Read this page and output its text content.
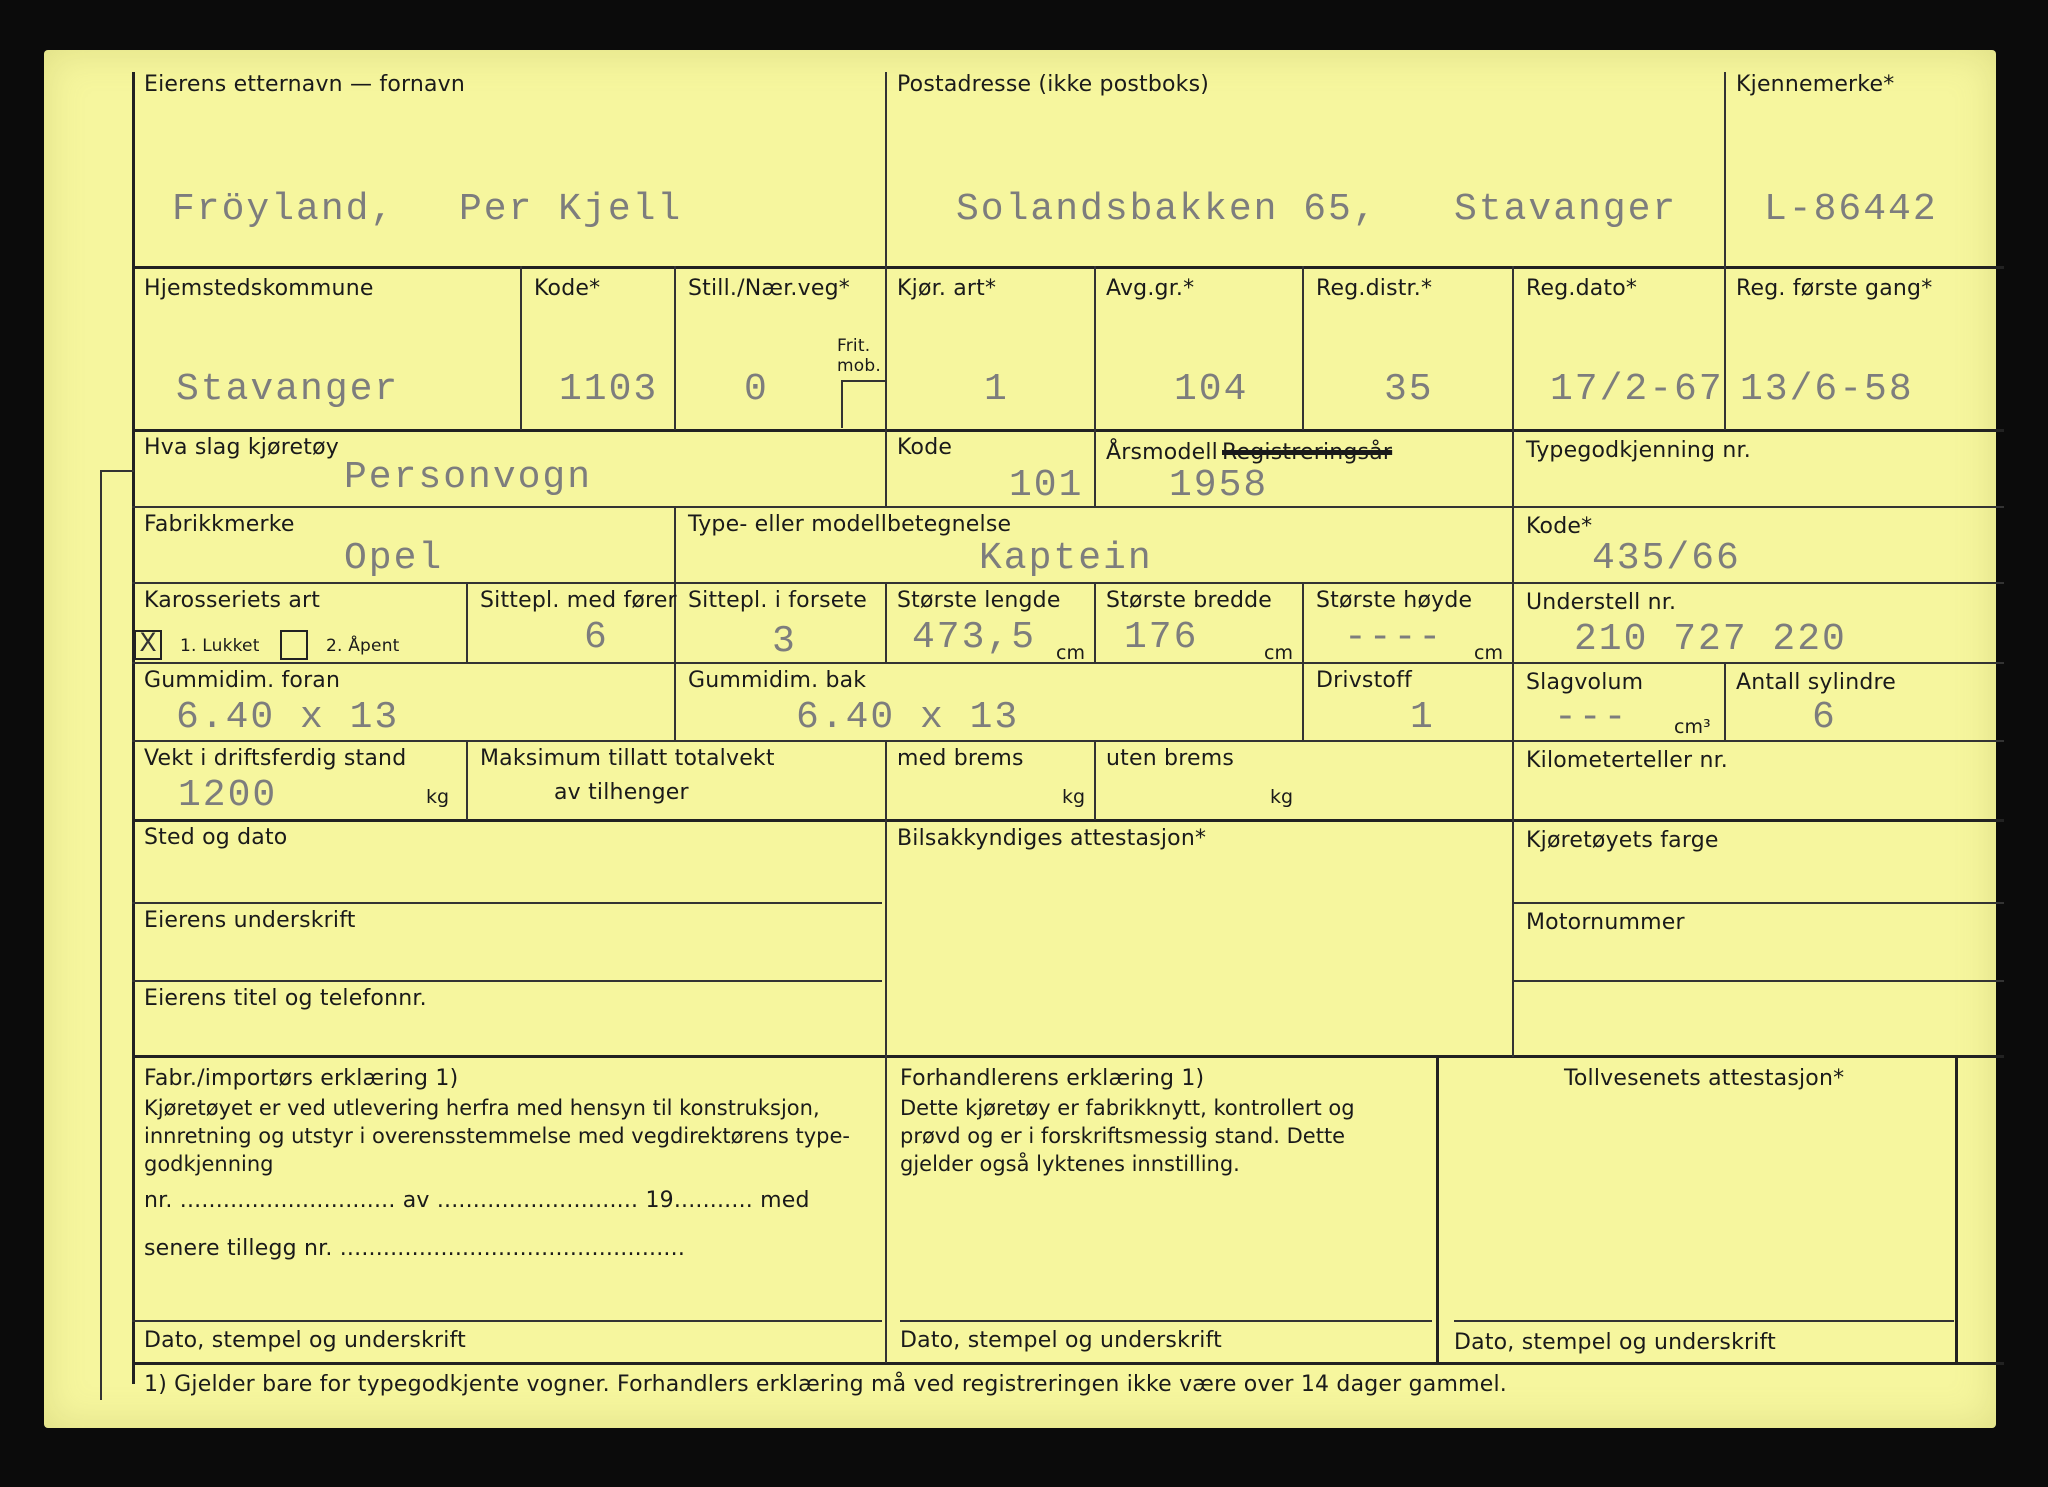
Eierens etternavn — fornavn
Fröyland, Per Kjell
Postadresse (ikke postboks)
Solandsbakken 65, Stavanger
Kjennemerke*
L-86442
Hjemstedskommune
Stavanger
Kode*
1103
Still./Nær.veg*
0
Frit.
mob.
Kjør. art*
1
Avg.gr.*
104
Reg.distr.*
35
Reg.dato*
17/2-67
Reg. første gang*
13/6-58
Hva slag kjøretøy
Personvogn
Kode
101
Årsmodell Registreringsår
1958
Typegodkjenning nr.
Fabrikkmerke
Opel
Type- eller modellbetegnelse
Kaptein
Kode*
435/66
Karosseriets art
X	1. Lukket	2. Åpent
Sittepl. med fører
6
Sittepl. i forsete
3
Største lengde
473,5 cm
Største bredde
176	cm
Største høyde
---- cm
Understell nr.
210 727 220
Gummidim. foran
6.40 x 13
Gummidim. bak
6.40 x 13
Drivstoff
1
Slagvolum
--- cm³
Antall sylindre
6
Vekt i driftsferdig stand
1200	kg
Maksimum tillatt totalvekt
av tilhenger
med brems
kg
uten brems
kg
Kilometerteller nr.
Sted og dato
Eierens underskrift
Eierens titel og telefonnr.
Bilsakkyndiges attestasjon*	Kjøretøyets farge
Motornummer
Fabr./importørs erklæring 1)
Kjøretøyet er ved utlevering herfra med hensyn til konstruksjon,
innretning og utstyr i overensstemmelse med vegdirektørens type-
godkjenning
nr. .............................. av ............................ 19........... med
senere tillegg nr. ................................................
Dato, stempel og underskrift
Forhandlerens erklæring 1)
Dette kjøretøy er fabrikknytt, kontrollert og
prøvd og er i forskriftsmessig stand. Dette
gjelder også lyktenes innstilling.
Dato, stempel og underskrift
Tollvesenets attestasjon*
Dato, stempel og underskrift
1) Gjelder bare for typegodkjente vogner. Forhandlers erklæring må ved registreringen ikke være over 14 dager gammel.
